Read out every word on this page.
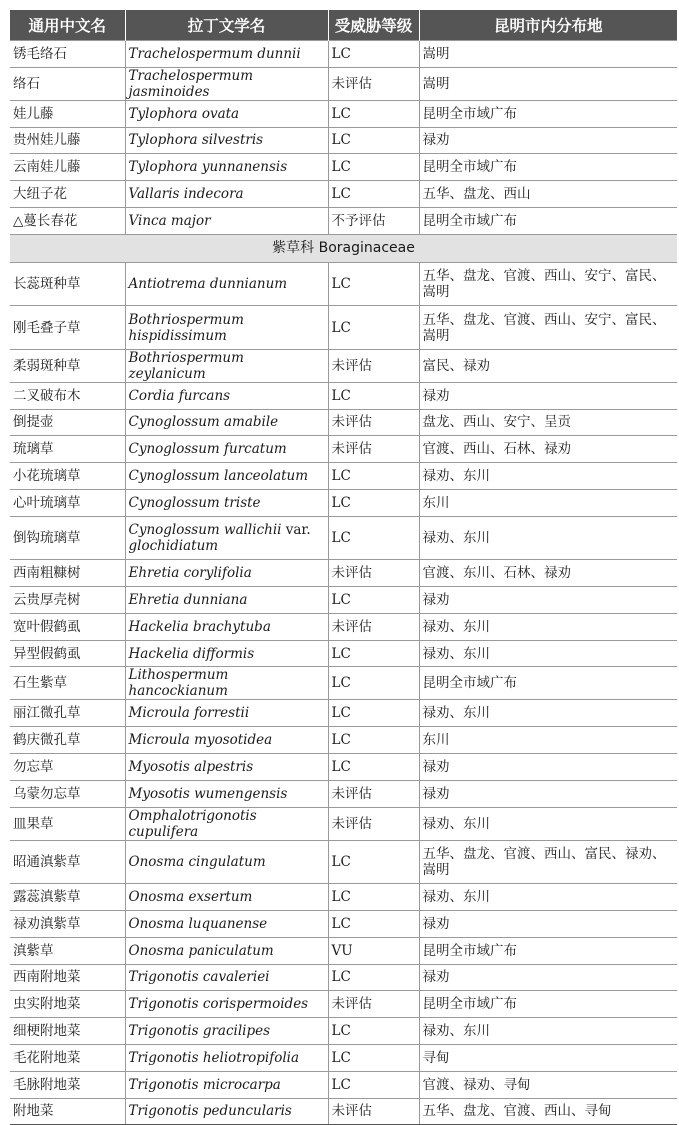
通用中文名	拉丁文学名	受威胁等级	昆明市内分布地
锈毛络石	Trachelospermum dunnii	LC	嵩明
络石	Trachelospermum jasminoides	未评估	嵩明
娃儿藤	Tylophora ovata	LC	昆明全市域广布
贵州娃儿藤	Tylophora silvestris	LC	禄劝
云南娃儿藤	Tylophora yunnanensis	LC	昆明全市域广布
大纽子花	Vallaris indecora	LC	五华、盘龙、西山
△蔓长春花	Vinca major	不予评估	昆明全市域广布
紫草科 Boraginaceae			
长蕊斑种草	Antiotrema dunnianum	LC	五华、盘龙、官渡、西山、安宁、富民、嵩明
刚毛叠子草	Bothriospermum hispidissimum	LC	五华、盘龙、官渡、西山、安宁、富民、嵩明
柔弱斑种草	Bothriospermum zeylanicum	未评估	富民、禄劝
二叉破布木	Cordia furcans	LC	禄劝
倒提壶	Cynoglossum amabile	未评估	盘龙、西山、安宁、呈贡
琉璃草	Cynoglossum furcatum	未评估	官渡、西山、石林、禄劝
小花琉璃草	Cynoglossum lanceolatum	LC	禄劝、东川
心叶琉璃草	Cynoglossum triste	LC	东川
倒钩琉璃草	Cynoglossum wallichii var. glochidiatum	LC	禄劝、东川
西南粗糠树	Ehretia corylifolia	未评估	官渡、东川、石林、禄劝
云贵厚壳树	Ehretia dunniana	LC	禄劝
宽叶假鹤虱	Hackelia brachytuba	未评估	禄劝、东川
异型假鹤虱	Hackelia difformis	LC	禄劝、东川
石生紫草	Lithospermum hancockianum	LC	昆明全市域广布
丽江微孔草	Microula forrestii	LC	禄劝、东川
鹤庆微孔草	Microula myosotidea	LC	东川
勿忘草	Myosotis alpestris	LC	禄劝
乌蒙勿忘草	Myosotis wumengensis	未评估	禄劝
皿果草	Omphalotrigonotis cupulifera	未评估	禄劝、东川
昭通滇紫草	Onosma cingulatum	LC	五华、盘龙、官渡、西山、富民、禄劝、嵩明
露蕊滇紫草	Onosma exsertum	LC	禄劝、东川
禄劝滇紫草	Onosma luquanense	LC	禄劝
滇紫草	Onosma paniculatum	VU	昆明全市域广布
西南附地菜	Trigonotis cavaleriei	LC	禄劝
虫实附地菜	Trigonotis corispermoides	未评估	昆明全市域广布
细梗附地菜	Trigonotis gracilipes	LC	禄劝、东川
毛花附地菜	Trigonotis heliotropifolia	LC	寻甸
毛脉附地菜	Trigonotis microcarpa	LC	官渡、禄劝、寻甸
附地菜	Trigonotis peduncularis	未评估	五华、盘龙、官渡、西山、寻甸
